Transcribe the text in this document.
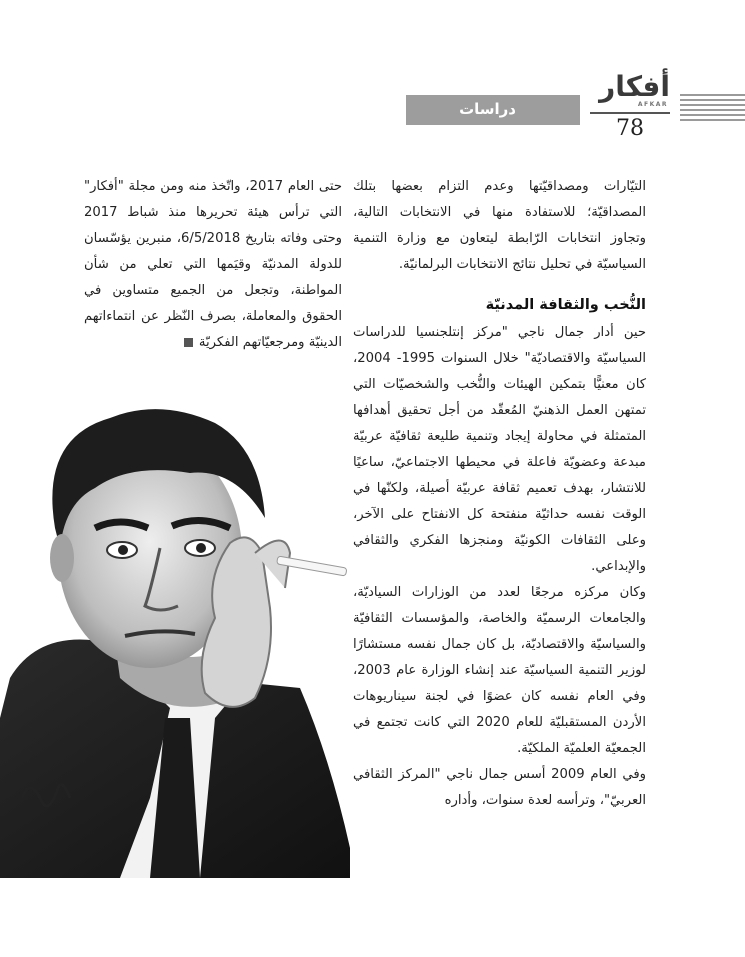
أفكار
AFKAR
78
دراسات

التيّارات ومصداقيّتها وعدم التزام بعضها بتلك المصداقيّة؛ للاستفادة منها في الانتخابات التالية، وتجاوز انتخابات الرّابطة ليتعاون مع وزارة التنمية السياسيّة في تحليل نتائج الانتخابات البرلمانيّة.

النُّخب والثقافة المدنيّة

حين أدار جمال ناجي "مركز إنتلجنسيا للدراسات السياسيّة والاقتصاديّة" خلال السنوات 1995- 2004، كان معنيًّا بتمكين الهيئات والنُّخب والشخصيّات التي تمتهن العمل الذهنيّ المُعقّد من أجل تحقيق أهدافها المتمثلة في محاولة إيجاد وتنمية طليعة ثقافيّة عربيّة مبدعة وعضويّة فاعلة في محيطها الاجتماعيّ، ساعيًا للانتشار، بهدف تعميم ثقافة عربيّة أصيلة، ولكنّها في الوقت نفسه حداثيّة منفتحة كل الانفتاح على الآخر، وعلى الثقافات الكونيّة ومنجزها الفكري والثقافي والإبداعي.

وكان مركزه مرجعًا لعدد من الوزارات السياديّة، والجامعات الرسميّة والخاصة، والمؤسسات الثقافيّة والسياسيّة والاقتصاديّة، بل كان جمال نفسه مستشارًا لوزير التنمية السياسيّة عند إنشاء الوزارة عام 2003، وفي العام نفسه كان عضوًا في لجنة سيناريوهات الأردن المستقبليّة للعام 2020 التي كانت تجتمع في الجمعيّة العلميّة الملكيّة.

وفي العام 2009 أسس جمال ناجي "المركز الثقافي العربيّ"، وترأسه لعدة سنوات، وأداره

حتى العام 2017، واتّخذ منه ومن مجلة "أفكار" التي ترأس هيئة تحريرها منذ شباط 2017 وحتى وفاته بتاريخ 6/5/2018، منبرين يؤسّسان للدولة المدنيّة وقيَمها التي تعلي من شأن المواطنة، وتجعل من الجميع متساوين في الحقوق والمعاملة، بصرف النّظر عن انتماءاتهم الدينيّة ومرجعيّاتهم الفكريّة
